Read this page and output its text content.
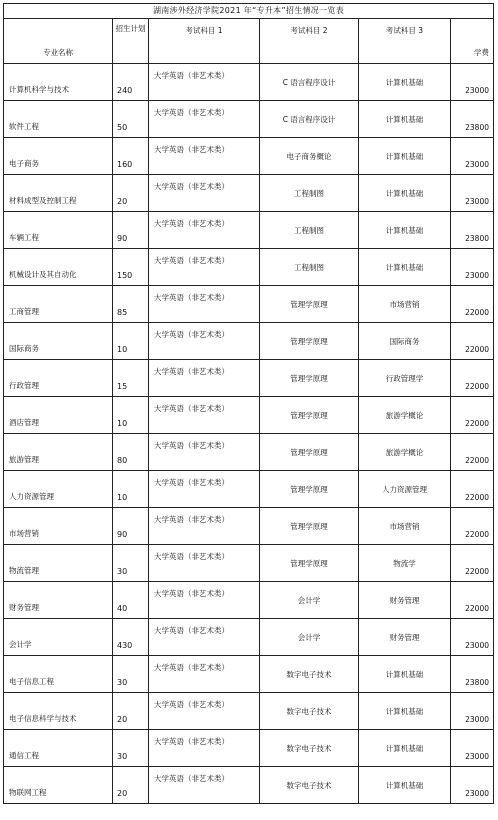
湖南涉外经济学院2021 年“专升本”招生情况一览表					
专业名称	招生计划	考试科目 1	考试科目 2	考试科目 3	学费
计算机科学与技术	240	大学英语（非艺术类）	C 语言程序设计	计算机基础	23000
软件工程	50	大学英语（非艺术类）	C 语言程序设计	计算机基础	23800
电子商务	160	大学英语（非艺术类）	电子商务概论	计算机基础	23000
材料成型及控制工程	20	大学英语（非艺术类）	工程制图	计算机基础	23000
车辆工程	90	大学英语（非艺术类）	工程制图	计算机基础	23800
机械设计及其自动化	150	大学英语（非艺术类）	工程制图	计算机基础	23000
工商管理	85	大学英语（非艺术类）	管理学原理	市场营销	22000
国际商务	10	大学英语（非艺术类）	管理学原理	国际商务	22000
行政管理	15	大学英语（非艺术类）	管理学原理	行政管理学	22000
酒店管理	10	大学英语（非艺术类）	管理学原理	旅游学概论	22000
旅游管理	80	大学英语（非艺术类）	管理学原理	旅游学概论	22000
人力资源管理	10	大学英语（非艺术类）	管理学原理	人力资源管理	22000
市场营销	90	大学英语（非艺术类）	管理学原理	市场营销	22000
物流管理	30	大学英语（非艺术类）	管理学原理	物流学	22000
财务管理	40	大学英语（非艺术类）	会计学	财务管理	22000
会计学	430	大学英语（非艺术类）	会计学	财务管理	23000
电子信息工程	30	大学英语（非艺术类）	数字电子技术	计算机基础	23800
电子信息科学与技术	20	大学英语（非艺术类）	数字电子技术	计算机基础	23000
通信工程	30	大学英语（非艺术类）	数字电子技术	计算机基础	23000
物联网工程	20	大学英语（非艺术类）	数字电子技术	计算机基础	23000
